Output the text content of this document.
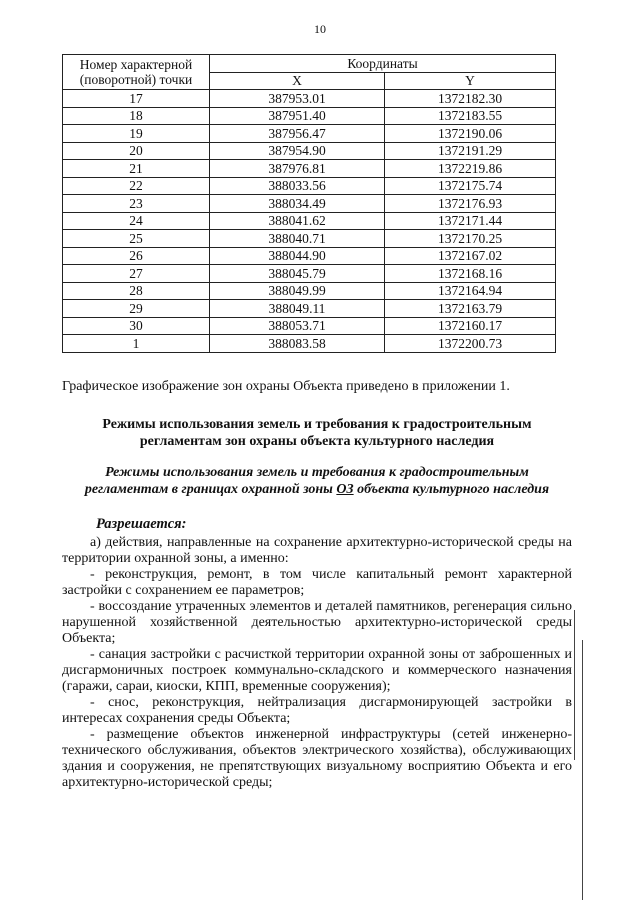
10
Номер характерной (поворотной) точки	Координаты	
	X	Y
17	387953.01	1372182.30
18	387951.40	1372183.55
19	387956.47	1372190.06
20	387954.90	1372191.29
21	387976.81	1372219.86
22	388033.56	1372175.74
23	388034.49	1372176.93
24	388041.62	1372171.44
25	388040.71	1372170.25
26	388044.90	1372167.02
27	388045.79	1372168.16
28	388049.99	1372164.94
29	388049.11	1372163.79
30	388053.71	1372160.17
1	388083.58	1372200.73
Графическое изображение зон охраны Объекта приведено в приложении 1.
Режимы использования земель и требования к градостроительным регламентам зон охраны объекта культурного наследия
Режимы использования земель и требования к градостроительным регламентам в границах охранной зоны ОЗ объекта культурного наследия
Разрешается:

а) действия, направленные на сохранение архитектурно-исторической среды на территории охранной зоны, а именно:

- реконструкция, ремонт, в том числе капитальный ремонт характерной застройки с сохранением ее параметров;

- воссоздание утраченных элементов и деталей памятников, регенерация сильно нарушенной хозяйственной деятельностью архитектурно-исторической среды Объекта;

- санация застройки с расчисткой территории охранной зоны от заброшенных и дисгармоничных построек коммунально-складского и коммерческого назначения (гаражи, сараи, киоски, КПП, временные сооружения);

- снос, реконструкция, нейтрализация дисгармонирующей застройки в интересах сохранения среды Объекта;

- размещение объектов инженерной инфраструктуры (сетей инженерно-технического обслуживания, объектов электрического хозяйства), обслуживающих здания и сооружения, не препятствующих визуальному восприятию Объекта и его архитектурно-исторической среды;
